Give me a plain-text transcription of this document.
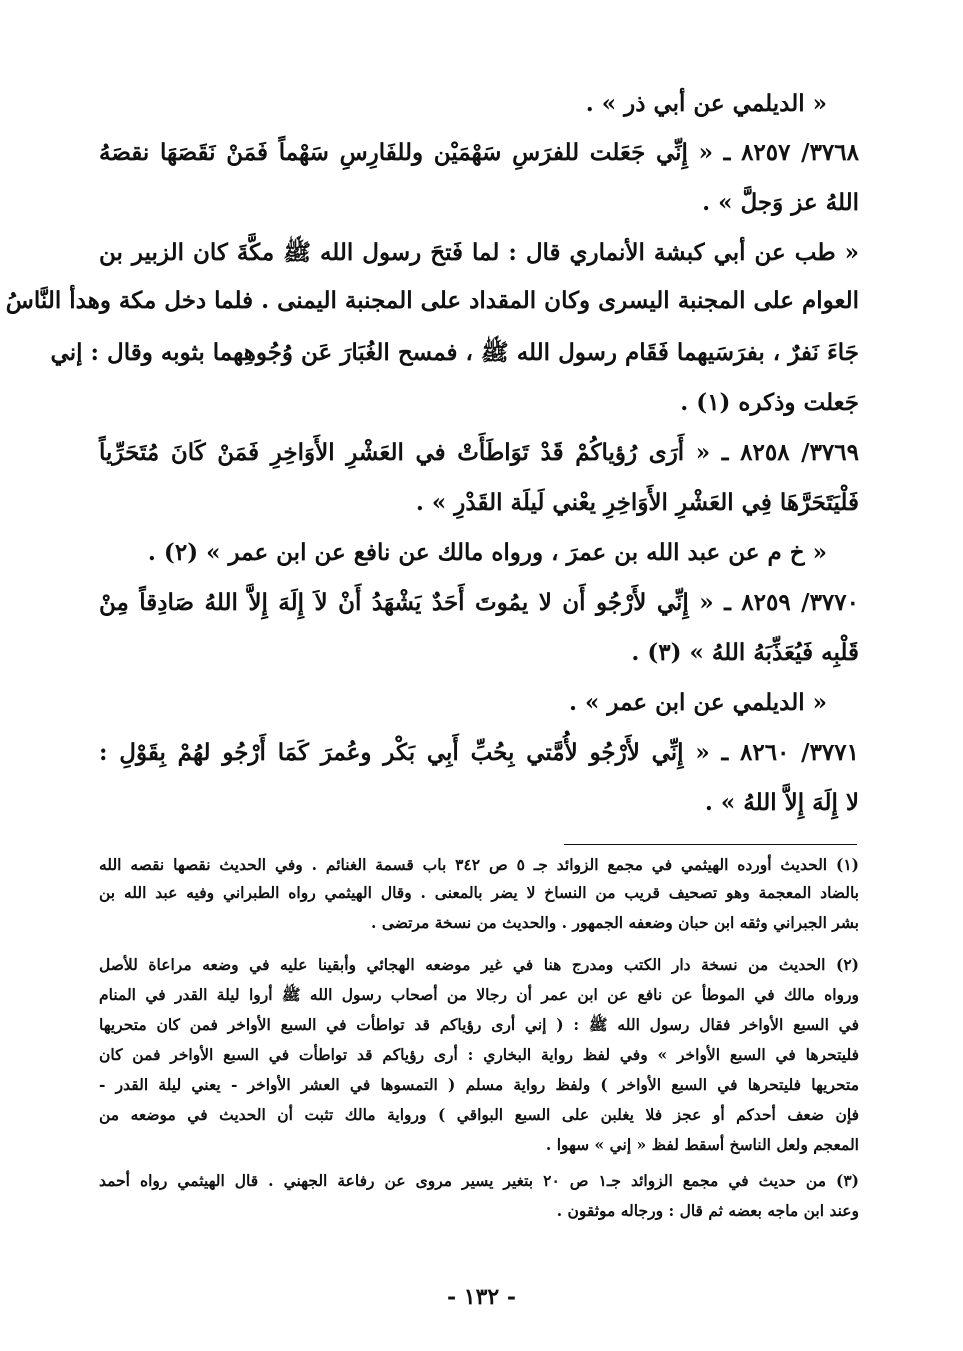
« الديلمي عن أبي ذر » .
٣٧٦٨/ ٨٢٥٧ ـ « إِنِّي جَعَلت للفرَسِ سَهْمَيْن وللفَارِسِ سَهْماً فَمَنْ نَقَصَهَا نقصَهُ
اللهُ عز وَجلَّ » .
« طب عن أبي كبشة الأنماري قال : لما فَتحَ رسول الله ﷺ مكَّةَ كان الزبير بن
العوام على المجنبة اليسرى وكان المقداد على المجنبة اليمنى . فلما دخل مكة وهدأ النَّاسُ
جَاءَ نَفرٌ ، بفرَسَيهما فَقَام رسول الله ﷺ ، فمسح الغُبَارَ عَن وُجُوهِهما بثوبه وقال : إني
جَعلت وذكره (١) .
٣٧٦٩/ ٨٢٥٨ ـ « أَرَى رُؤياكُمْ قَدْ تَوَاطَأَتْ في العَشْرِ الأَوَاخِرِ فَمَنْ كَانَ مُتَحَرِّياً
فَلْيَتَحَرَّهَا فِي العَشْرِ الأَوَاخِرِ يعْني لَيلَة القَدْرِ » .
« خ م عن عبد الله بن عمرَ ، ورواه مالك عن نافع عن ابن عمر » (٢) .
٣٧٧٠/ ٨٢٥٩ ـ « إِنِّي لأَرْجُو أَن لا يمُوتَ أَحَدٌ يَشْهَدُ أَنْ لاَ إِلَهَ إِلاَّ اللهُ صَادِقاً مِنْ
قَلْبِه فَيُعَذِّبَهُ اللهُ » (٣) .
« الديلمي عن ابن عمر » .
٣٧٧١/ ٨٢٦٠ ـ « إِنِّي لأَرْجُو لأُمَّتي بِحُبِّ أَبِي بَكْر وعُمرَ كَمَا أَرْجُو لهُمْ بِقَوْلِ :
لا إِلَهَ إِلاَّ اللهُ » .
(١) الحديث أورده الهيثمي في مجمع الزوائد جـ ٥ ص ٣٤٢ باب قسمة الغنائم . وفي الحديث نقصها نقصه الله
بالضاد المعجمة وهو تصحيف قريب من النساخ لا يضر بالمعنى . وقال الهيثمي رواه الطبراني وفيه عبد الله بن
بشر الجبراني وثقه ابن حبان وضعفه الجمهور . والحديث من نسخة مرتضى .
(٢) الحديث من نسخة دار الكتب ومدرج هنا في غير موضعه الهجائي وأبقينا عليه في وضعه مراعاة للأصل
ورواه مالك في الموطأ عن نافع عن ابن عمر أن رجالا من أصحاب رسول الله ﷺ أروا ليلة القدر في المنام
في السبع الأواخر فقال رسول الله ﷺ : ( إني أرى رؤياكم قد تواطأت في السبع الأواخر فمن كان متحريها
فليتحرها في السبع الأواخر » وفي لفظ رواية البخاري : أرى رؤياكم قد تواطأت في السبع الأواخر فمن كان
متحريها فليتحرها في السبع الأواخر ) ولفظ رواية مسلم ( التمسوها في العشر الأواخر - يعني ليلة القدر -
فإن ضعف أحدكم أو عجز فلا يغلبن على السبع البواقي ) ورواية مالك تثبت أن الحديث في موضعه من
المعجم ولعل الناسخ أسقط لفظ « إني » سهوا .
(٣) من حديث في مجمع الزوائد جـ١ ص ٢٠ بتغير يسير مروى عن رفاعة الجهني . قال الهيثمي رواه أحمد
وعند ابن ماجه بعضه ثم قال : ورجاله موثقون .
- ١٣٢ -
